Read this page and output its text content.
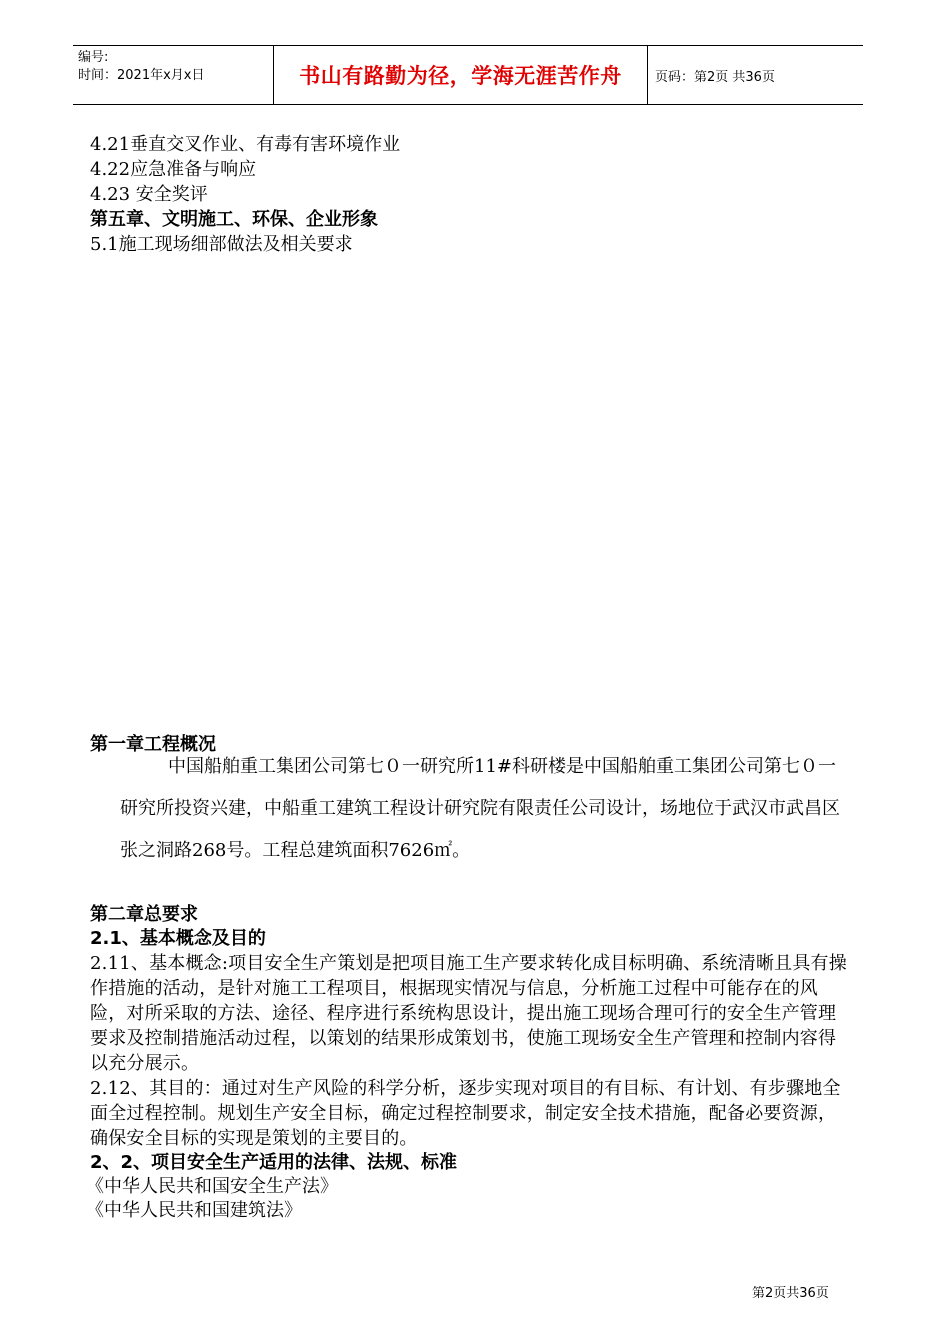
编号:
时间：2021年x月x日	书山有路勤为径，学海无涯苦作舟	页码：第2页 共36页
4.21垂直交叉作业、有毒有害环境作业
4.22应急准备与响应
4.23 安全奖评
第五章、文明施工、环保、企业形象
5.1施工现场细部做法及相关要求
第一章工程概况
中国船舶重工集团公司第七０一研究所11#科研楼是中国船舶重工集团公司第七０一研究所投资兴建，中船重工建筑工程设计研究院有限责任公司设计，场地位于武汉市武昌区张之洞路268号。工程总建筑面积7626㎡。
第二章总要求
2.1、基本概念及目的
2.11、基本概念:项目安全生产策划是把项目施工生产要求转化成目标明确、系统清晰且具有操作措施的活动，是针对施工工程项目，根据现实情况与信息，分析施工过程中可能存在的风险，对所采取的方法、途径、程序进行系统构思设计，提出施工现场合理可行的安全生产管理要求及控制措施活动过程，以策划的结果形成策划书，使施工现场安全生产管理和控制内容得以充分展示。
2.12、其目的：通过对生产风险的科学分析，逐步实现对项目的有目标、有计划、有步骤地全面全过程控制。规划生产安全目标，确定过程控制要求，制定安全技术措施，配备必要资源，确保安全目标的实现是策划的主要目的。
2、2、项目安全生产适用的法律、法规、标准
《中华人民共和国安全生产法》
《中华人民共和国建筑法》
第2页共36页
